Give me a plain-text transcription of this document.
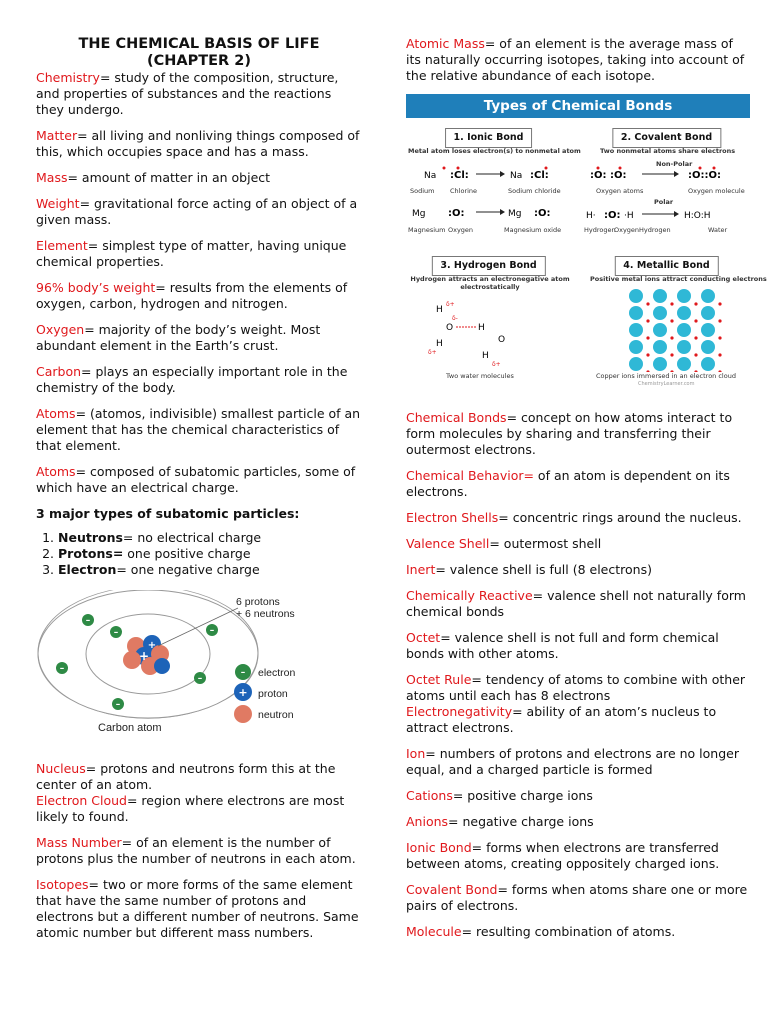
THE CHEMICAL BASIS OF LIFE
(CHAPTER 2)
Chemistry= study of the composition, structure, and properties of substances and the reactions they undergo.
Matter= all living and nonliving things composed of this, which occupies space and has a mass.
Mass= amount of matter in an object
Weight= gravitational force acting of an object of a given mass.
Element= simplest type of matter, having unique chemical properties.
96% body’s weight= results from the elements of oxygen, carbon, hydrogen and nitrogen.
Oxygen= majority of the body’s weight. Most abundant element in the Earth’s crust.
Carbon= plays an especially important role in the chemistry of the body.
Atoms= (atomos, indivisible) smallest particle of an element that has the chemical characteristics of that element.
Atoms= composed of subatomic particles, some of which have an electrical charge.
3 major types of subatomic particles:
1. Neutrons= no electrical charge
2. Protons= one positive charge
3. Electron= one negative charge
+
+
–
–
–
–
–
–
–
+
6 protons
+ 6 neutrons
electron
proton
neutron
Carbon atom
Nucleus= protons and neutrons form this at the center of an atom.
Electron Cloud= region where electrons are most likely to found.
Mass Number= of an element is the number of protons plus the number of neutrons in each atom.
Isotopes= two or more forms of the same element that have the same number of protons and electrons but a different number of neutrons. Same atomic number but different mass numbers.
Atomic Mass= of an element is the average mass of its naturally occurring isotopes, taking into account of the relative abundance of each isotope.
Types of Chemical Bonds
1. Ionic Bond
Metal atom loses electron(s) to nonmetal atom
Na :Cl:	Na :Cl:
Mg :O:	Mg :O:
Sodium Chlorine	Sodium chloride
Magnesium Oxygen	Magnesium oxide
2. Covalent Bond
Two nonmetal atoms share electrons
Non-Polar
:O: :O:	:O::O:
H· :O: ·H	H:O:H
Oxygen atoms	Oxygen molecule
Polar
Hydrogen
Oxygen Hydrogen	Water
3. Hydrogen Bond
Hydrogen attracts an electronegative atom electrostatically
H
O
H
H
O
H
δ+
δ-
δ+
δ+
Two water molecules
4. Metallic Bond
Positive metal ions attract conducting electrons
Copper ions immersed in an electron cloud
ChemistryLearner.com
Chemical Bonds= concept on how atoms interact to form molecules by sharing and transferring their outermost electrons.
Chemical Behavior= of an atom is dependent on its electrons.
Electron Shells= concentric rings around the nucleus.
Valence Shell= outermost shell
Inert= valence shell is full (8 electrons)
Chemically Reactive= valence shell not naturally form chemical bonds
Octet= valence shell is not full and form chemical bonds with other atoms.
Octet Rule= tendency of atoms to combine with other atoms until each has 8 electrons
Electronegativity= ability of an atom’s nucleus to attract electrons.
Ion= numbers of protons and electrons are no longer equal, and a charged particle is formed
Cations= positive charge ions
Anions= negative charge ions
Ionic Bond= forms when electrons are transferred between atoms, creating oppositely charged ions.
Covalent Bond= forms when atoms share one or more pairs of electrons.
Molecule= resulting combination of atoms.
